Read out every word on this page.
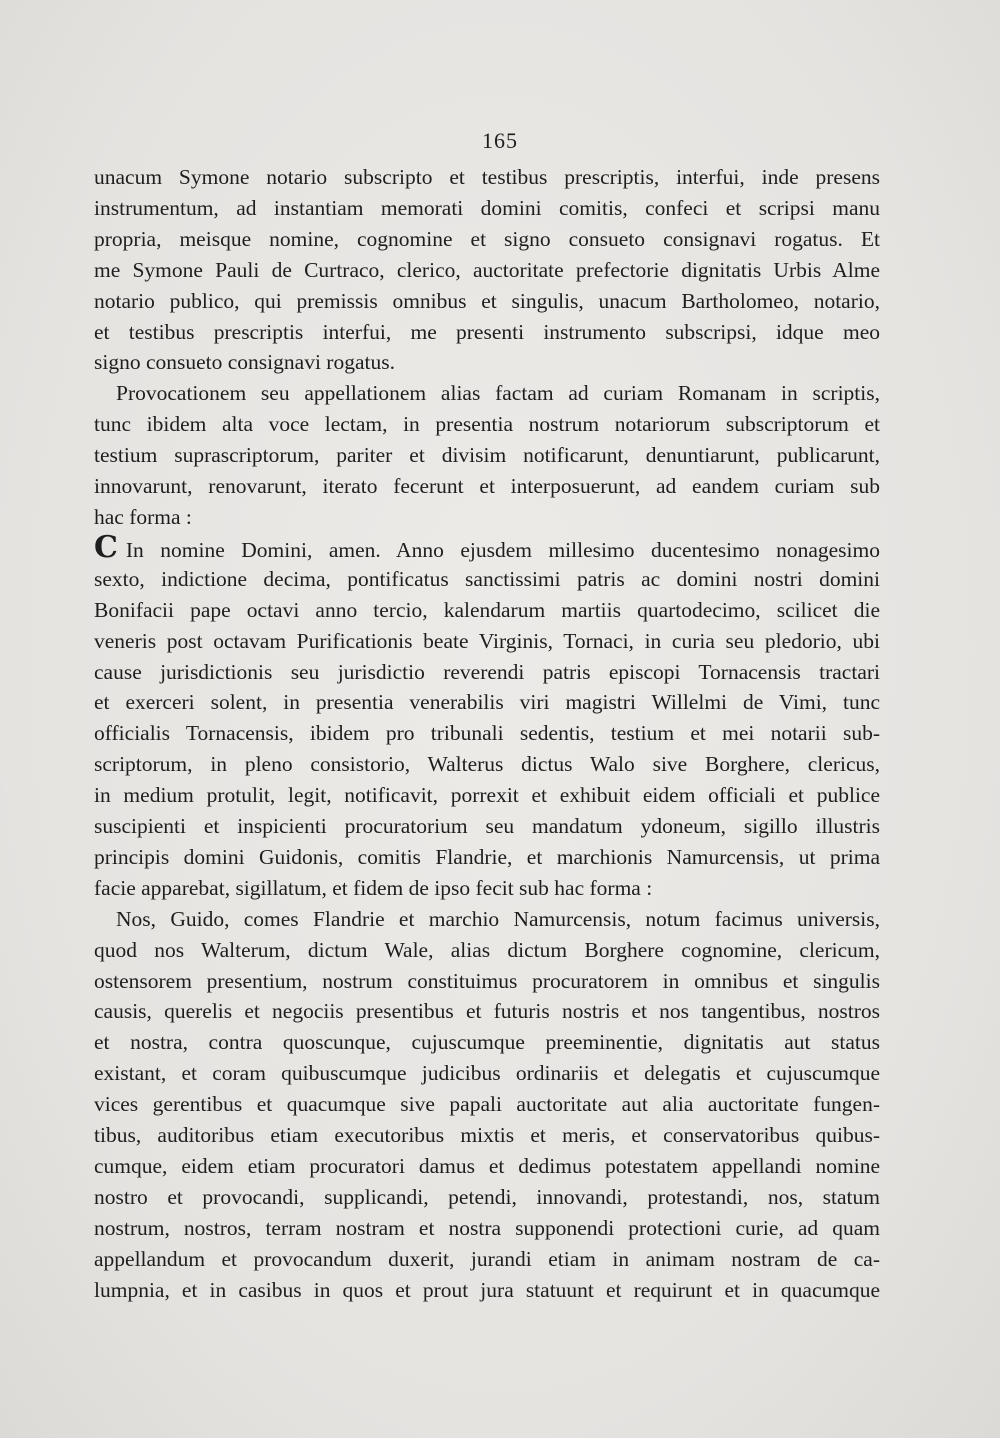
165
unacum Symone notario subscripto et testibus prescriptis, interfui, inde presens
instrumentum, ad instantiam memorati domini comitis, confeci et scripsi manu
propria, meisque nomine, cognomine et signo consueto consignavi rogatus. Et
me Symone Pauli de Curtraco, clerico, auctoritate prefectorie dignitatis Urbis Alme
notario publico, qui premissis omnibus et singulis, unacum Bartholomeo, notario,
et testibus prescriptis interfui, me presenti instrumento subscripsi, idque meo
signo consueto consignavi rogatus.
Provocationem seu appellationem alias factam ad curiam Romanam in scriptis,
tunc ibidem alta voce lectam, in presentia nostrum notariorum subscriptorum et
testium suprascriptorum, pariter et divisim notificarunt, denuntiarunt, publicarunt,
innovarunt, renovarunt, iterato fecerunt et interposuerunt, ad eandem curiam sub
hac forma :
C In nomine Domini, amen. Anno ejusdem millesimo ducentesimo nonagesimo
sexto, indictione decima, pontificatus sanctissimi patris ac domini nostri domini
Bonifacii pape octavi anno tercio, kalendarum martiis quartodecimo, scilicet die
veneris post octavam Purificationis beate Virginis, Tornaci, in curia seu pledorio, ubi
cause jurisdictionis seu jurisdictio reverendi patris episcopi Tornacensis tractari
et exerceri solent, in presentia venerabilis viri magistri Willelmi de Vimi, tunc
officialis Tornacensis, ibidem pro tribunali sedentis, testium et mei notarii sub-
scriptorum, in pleno consistorio, Walterus dictus Walo sive Borghere, clericus,
in medium protulit, legit, notificavit, porrexit et exhibuit eidem officiali et publice
suscipienti et inspicienti procuratorium seu mandatum ydoneum, sigillo illustris
principis domini Guidonis, comitis Flandrie, et marchionis Namurcensis, ut prima
facie apparebat, sigillatum, et fidem de ipso fecit sub hac forma :
Nos, Guido, comes Flandrie et marchio Namurcensis, notum facimus universis,
quod nos Walterum, dictum Wale, alias dictum Borghere cognomine, clericum,
ostensorem presentium, nostrum constituimus procuratorem in omnibus et singulis
causis, querelis et negociis presentibus et futuris nostris et nos tangentibus, nostros
et nostra, contra quoscunque, cujuscumque preeminentie, dignitatis aut status
existant, et coram quibuscumque judicibus ordinariis et delegatis et cujuscumque
vices gerentibus et quacumque sive papali auctoritate aut alia auctoritate fungen-
tibus, auditoribus etiam executoribus mixtis et meris, et conservatoribus quibus-
cumque, eidem etiam procuratori damus et dedimus potestatem appellandi nomine
nostro et provocandi, supplicandi, petendi, innovandi, protestandi, nos, statum
nostrum, nostros, terram nostram et nostra supponendi protectioni curie, ad quam
appellandum et provocandum duxerit, jurandi etiam in animam nostram de ca-
lumpnia, et in casibus in quos et prout jura statuunt et requirunt et in quacumque
